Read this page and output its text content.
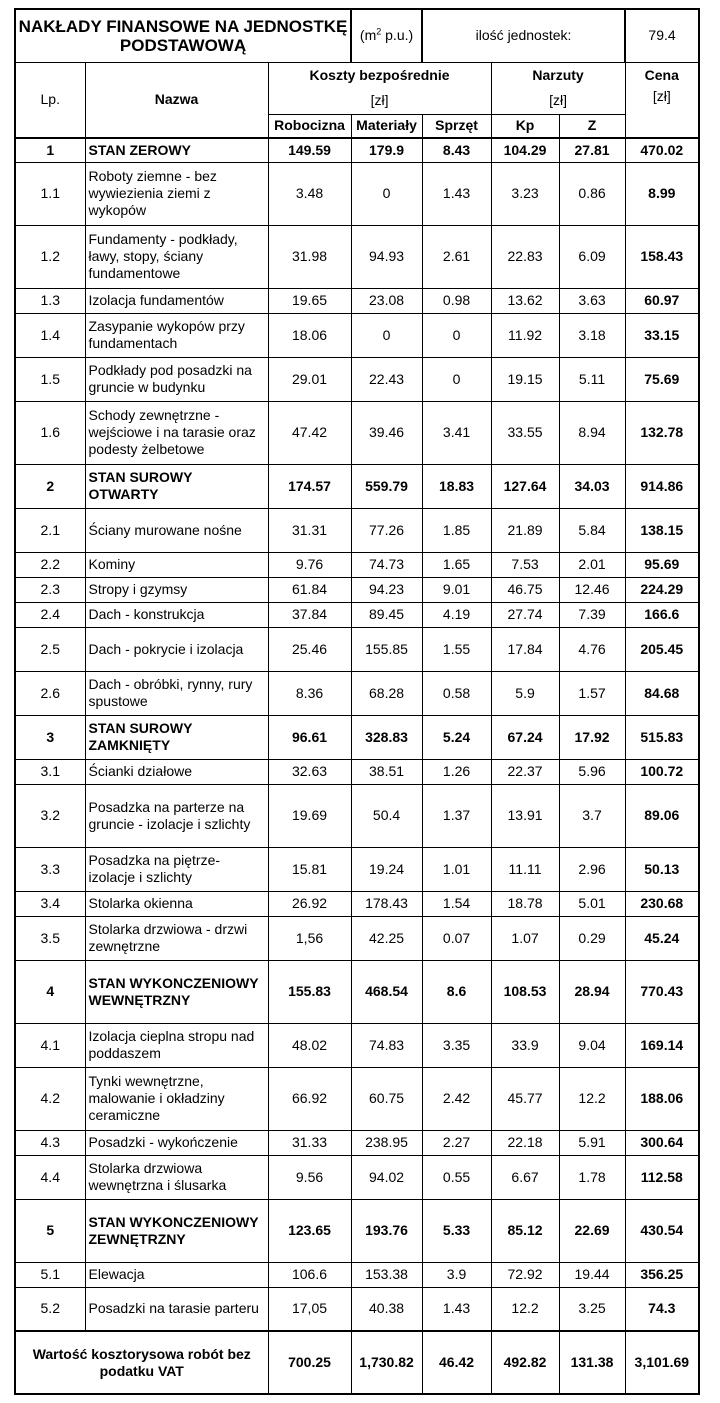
NAKŁADY FINANSOWE NA JEDNOSTKĘ PODSTAWOWĄ			($m^2$ p.u.)	ilość jednostek:			79.4
Lp.	Nazwa	Koszty bezpośrednie			Narzuty		Cena
		[zł]			[zł]		[zł]
		Robocizna	Materiały	Sprzęt	Kp	Z	
1	STAN ZEROWY	149.59	179.9	8.43	104.29	27.81	470.02
1.1	Roboty ziemne - bez wywiezienia ziemi z wykopów	3.48	0	1.43	3.23	0.86	8.99
1.2	Fundamenty - podkłady, ławy, stopy, ściany fundamentowe	31.98	94.93	2.61	22.83	6.09	158.43
1.3	Izolacja fundamentów	19.65	23.08	0.98	13.62	3.63	60.97
1.4	Zasypanie wykopów przy fundamentach	18.06	0	0	11.92	3.18	33.15
1.5	Podkłady pod posadzki na gruncie w budynku	29.01	22.43	0	19.15	5.11	75.69
1.6	Schody zewnętrzne - wejściowe i na tarasie oraz podesty żelbetowe	47.42	39.46	3.41	33.55	8.94	132.78
2	STAN SUROWY OTWARTY	174.57	559.79	18.83	127.64	34.03	914.86
2.1	Ściany murowane nośne	31.31	77.26	1.85	21.89	5.84	138.15
2.2	Kominy	9.76	74.73	1.65	7.53	2.01	95.69
2.3	Stropy i gzymsy	61.84	94.23	9.01	46.75	12.46	224.29
2.4	Dach - konstrukcja	37.84	89.45	4.19	27.74	7.39	166.6
2.5	Dach - pokrycie i izolacja	25.46	155.85	1.55	17.84	4.76	205.45
2.6	Dach - obróbki, rynny, rury spustowe	8.36	68.28	0.58	5.9	1.57	84.68
3	STAN SUROWY ZAMKNIĘTY	96.61	328.83	5.24	67.24	17.92	515.83
3.1	Ścianki działowe	32.63	38.51	1.26	22.37	5.96	100.72
3.2	Posadzka na parterze na gruncie - izolacje i szlichty	19.69	50.4	1.37	13.91	3.7	89.06
3.3	Posadzka na piętrze- izolacje i szlichty	15.81	19.24	1.01	11.11	2.96	50.13
3.4	Stolarka okienna	26.92	178.43	1.54	18.78	5.01	230.68
3.5	Stolarka drzwiowa - drzwi zewnętrzne	1,56	42.25	0.07	1.07	0.29	45.24
4	STAN WYKONCZENIOWY WEWNĘTRZNY	155.83	468.54	8.6	108.53	28.94	770.43
4.1	Izolacja cieplna stropu nad poddaszem	48.02	74.83	3.35	33.9	9.04	169.14
4.2	Tynki wewnętrzne, malowanie i okładziny ceramiczne	66.92	60.75	2.42	45.77	12.2	188.06
4.3	Posadzki - wykończenie	31.33	238.95	2.27	22.18	5.91	300.64
4.4	Stolarka drzwiowa wewnętrzna i ślusarka	9.56	94.02	0.55	6.67	1.78	112.58
5	STAN WYKONCZENIOWY ZEWNĘTRZNY	123.65	193.76	5.33	85.12	22.69	430.54
5.1	Elewacja	106.6	153.38	3.9	72.92	19.44	356.25
5.2	Posadzki na tarasie parteru	17,05	40.38	1.43	12.2	3.25	74.3
Wartość kosztorysowa robót bez podatku VAT		700.25	1,730.82	46.42	492.82	131.38	3,101.69
